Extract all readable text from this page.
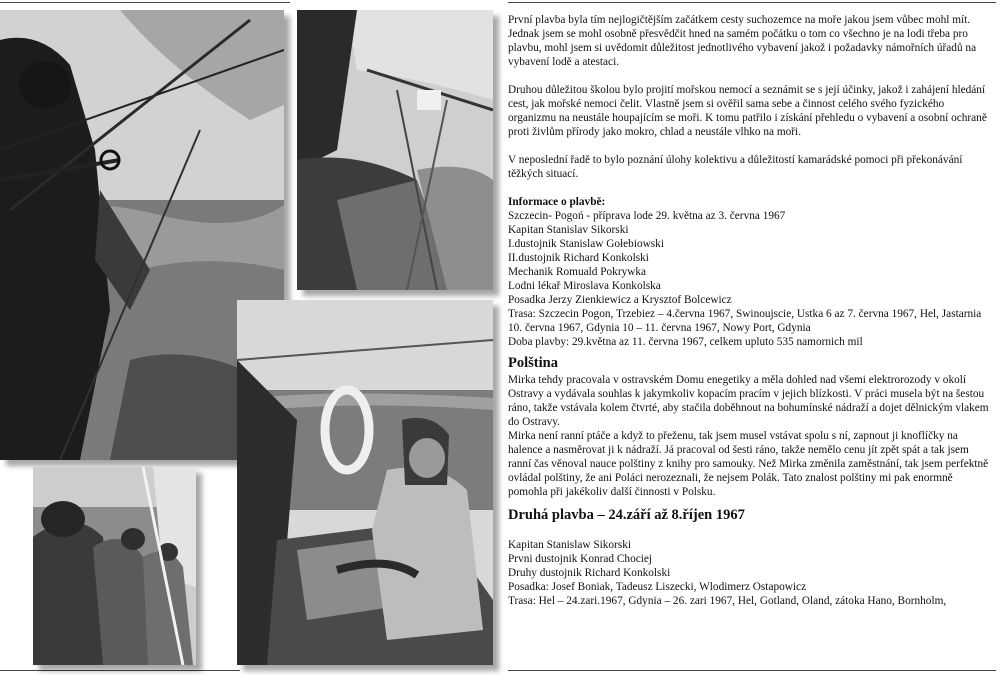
První plavba byla tím nejlogičtějším začátkem cesty suchozemce na moře jakou jsem vůbec mohl mít. Jednak jsem se mohl osobně přesvědčit hned na samém počátku o tom co všechno je na lodi třeba pro plavbu, mohl jsem si uvědomit důležitost jednotlivého vybavení jakož i požadavky námořních úřadů na vybavení lodě a atestaci.

Druhou důležitou školou bylo projití mořskou nemocí a seznámit se s její účinky, jakož i zahájení hledání cest, jak mořské nemoci čelit. Vlastně jsem si ověřil sama sebe a činnost celého svého fyzického organizmu na neustále houpajícím se moři. K tomu patřilo i získání přehledu o vybavení a osobní ochraně proti živlům přírody jako mokro, chlad a neustále vlhko na moři.

V neposlední řadě to bylo poznání úlohy kolektivu a důležitostí kamarádské pomoci při překonávání těžkých situací.

Informace o plavbě:
Szczecin- Pogoń - příprava lode 29. května az 3. června 1967
Kapitan Stanislav Sikorski
I.dustojnik Stanislaw Gołebiowski
II.dustojnik Richard Konkolski
Mechanik Romuald Pokrywka
Lodni lékař Miroslava Konkolska
Posadka Jerzy Zienkiewicz a Krysztof Bolcewicz
Trasa: Szczecin Pogon, Trzebiez – 4.června 1967, Swinoujscie, Ustka 6 az 7. června 1967, Hel, Jastarnia 10. června 1967, Gdynia 10 – 11. června 1967, Nowy Port, Gdynia
Doba plavby: 29.května az 11. června 1967, celkem upluto 535 namornich mil
Polština

Mirka tehdy pracovala v ostravském Domu enegetiky a měla dohled nad všemi elektrorozody v okolí Ostravy a vydávala souhlas k jakymkoliv kopacím pracím v jejich blízkosti. V práci musela být na šestou ráno, takže vstávala kolem čtvrté, aby stačila doběhnout na bohumínské nádraží a dojet dělnickým vlakem do Ostravy.

Mirka není ranní ptáče a když to přeženu, tak jsem musel vstávat spolu s ní, zapnout ji knoflíčky na halence a nasměrovat ji k nádraží. Já pracoval od šesti ráno, takže nemělo cenu jít zpět spát a tak jsem ranní čas věnoval nauce polštiny z knihy pro samouky. Než Mirka změnila zaměstnání, tak jsem perfektně ovládal polštiny, že ani Poláci nerozeznali, že nejsem Polák. Tato znalost polštiny mi pak enormně pomohla při jakékoliv další činnosti v Polsku.

Druhá plavba – 24.září až 8.říjen 1967
Kapitan Stanislaw Sikorski
Prvni dustojnik Konrad Chociej
Druhy dustojnik Richard Konkolski
Posadka: Josef Boniak, Tadeusz Liszecki, Wlodimerz Ostapowicz
Trasa: Hel – 24.zari.1967, Gdynia – 26. zari 1967, Hel, Gotland, Oland, zátoka Hano, Bornholm,
